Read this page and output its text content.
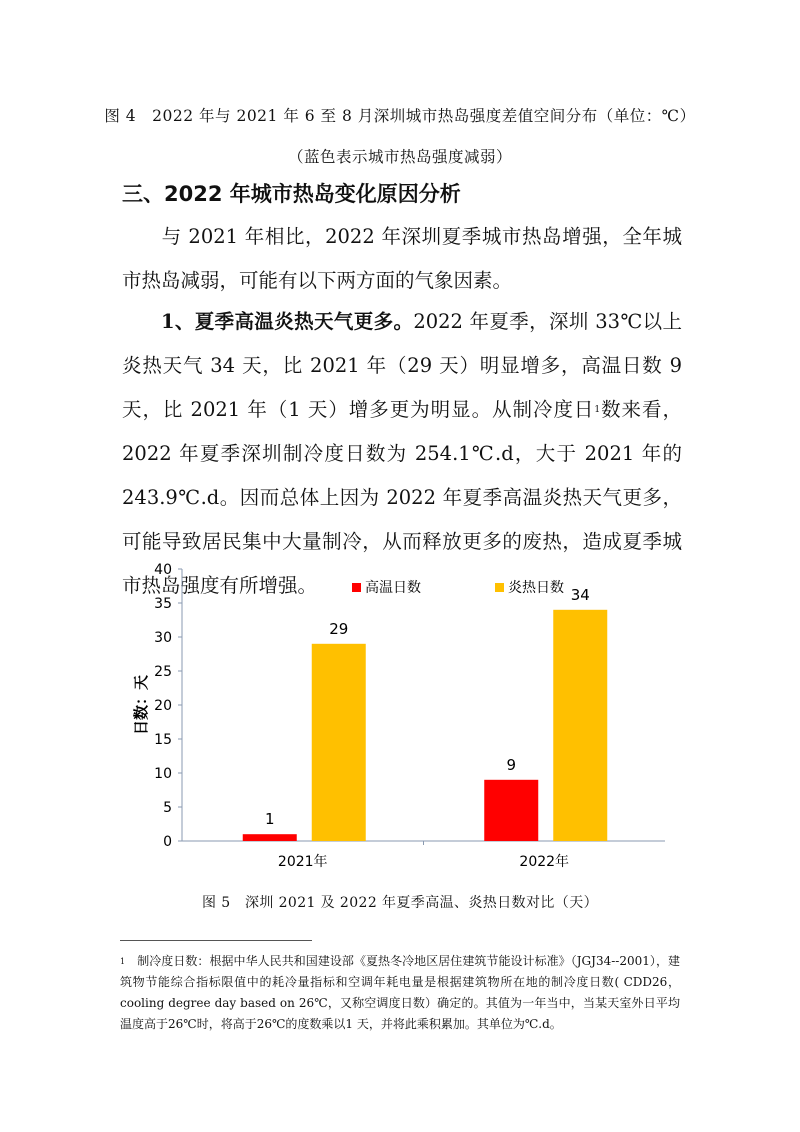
图 4　2022 年与 2021 年 6 至 8 月深圳城市热岛强度差值空间分布（单位：℃）
（蓝色表示城市热岛强度减弱）
三、2022 年城市热岛变化原因分析
与 2021 年相比，2022 年深圳夏季城市热岛增强，全年城市热岛减弱，可能有以下两方面的气象因素。
1、夏季高温炎热天气更多。2022 年夏季，深圳 33℃以上炎热天气 34 天，比 2021 年（29 天）明显增多，高温日数 9 天，比 2021 年（1 天）增多更为明显。从制冷度日$^1$数来看，2022 年夏季深圳制冷度日数为 254.1℃.d，大于 2021 年的 243.9℃.d。因而总体上因为 2022 年夏季高温炎热天气更多，可能导致居民集中大量制冷，从而释放更多的废热，造成夏季城市热岛强度有所增强。
0
5
10
15
20
25
30
35
40
日数：天
2021年
1
29
2022年
9
34
高温日数	炎热日数
图 5　深圳 2021 及 2022 年夏季高温、炎热日数对比（天）
$^1$　 制冷度日数：根据中华人民共和国建设部《夏热冬冷地区居住建筑节能设计标准》（JGJ34--2001），建筑物节能综合指标限值中的耗冷量指标和空调年耗电量是根据建筑物所在地的制冷度日数( CDD26，cooling degree day based on 26℃，又称空调度日数）确定的。其值为一年当中，当某天室外日平均温度高于26℃时，将高于26℃的度数乘以1 天，并将此乘积累加。其单位为℃.d。
